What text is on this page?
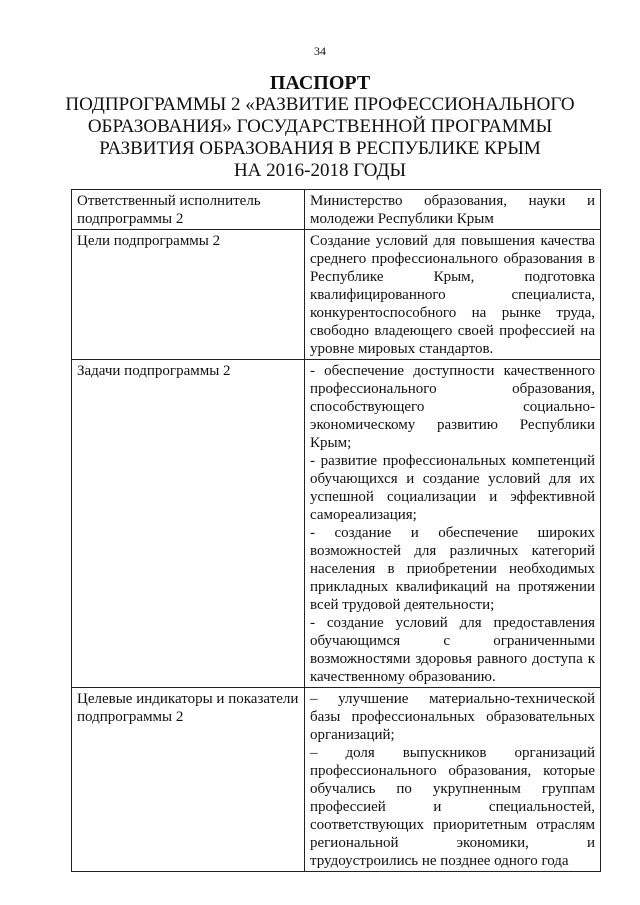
34
ПАСПОРТ
ПОДПРОГРАММЫ 2 «РАЗВИТИЕ ПРОФЕССИОНАЛЬНОГО
ОБРАЗОВАНИЯ» ГОСУДАРСТВЕННОЙ ПРОГРАММЫ
РАЗВИТИЯ ОБРАЗОВАНИЯ В РЕСПУБЛИКЕ КРЫМ
НА 2016-2018 ГОДЫ
Ответственный исполнитель подпрограммы 2	Министерство образования, науки и молодежи Республики Крым

Цели подпрограммы 2	Создание условий для повышения качества среднего профессионального образования в Республике Крым, подготовка квалифицированного специалиста, конкурентоспособного на рынке труда, свободно владеющего своей профессией на уровне мировых стандартов.

Задачи подпрограммы 2	- обеспечение доступности качественного профессионального образования, способствующего социально-экономическому развитию Республики Крым;

- развитие профессиональных компетенций обучающихся и создание условий для их успешной социализации и эффективной самореализация;

- создание и обеспечение широких возможностей для различных категорий населения в приобретении необходимых прикладных квалификаций на протяжении всей трудовой деятельности;

- создание условий для предоставления обучающимся с ограниченными возможностями здоровья равного доступа к качественному образованию.

Целевые индикаторы и показатели подпрограммы 2	– улучшение материально-технической базы профессиональных образовательных организаций;

– доля выпускников организаций профессионального образования, которые обучались по укрупненным группам профессией и специальностей, соответствующих приоритетным отраслям региональной экономики, и трудоустроились не позднее одного года
